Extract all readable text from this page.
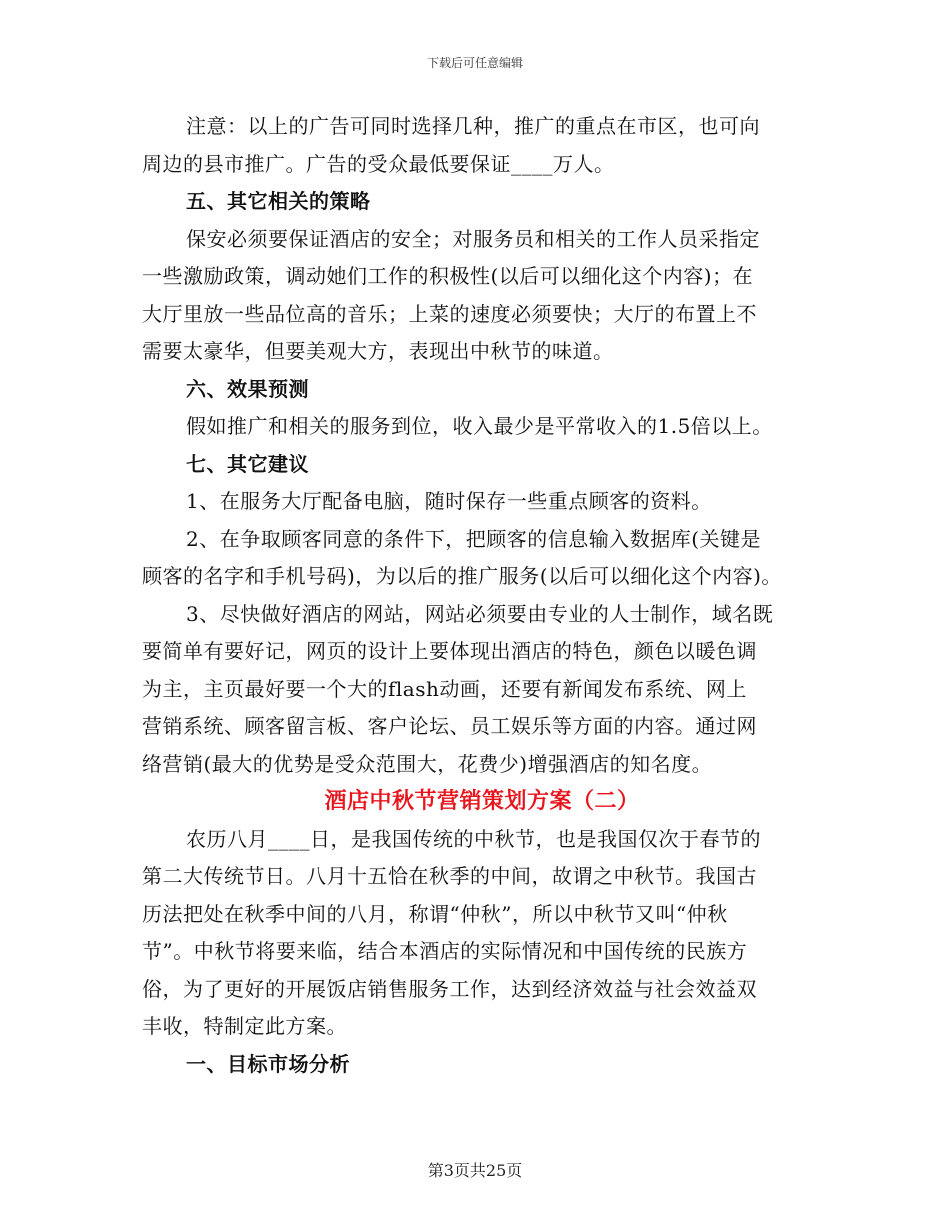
下载后可任意编辑
注意：以上的广告可同时选择几种，推广的重点在市区，也可向
周边的县市推广。广告的受众最低要保证____万人。
五、其它相关的策略
保安必须要保证酒店的安全；对服务员和相关的工作人员采指定
一些激励政策，调动她们工作的积极性(以后可以细化这个内容)；在
大厅里放一些品位高的音乐；上菜的速度必须要快；大厅的布置上不
需要太豪华，但要美观大方，表现出中秋节的味道。
六、效果预测
假如推广和相关的服务到位，收入最少是平常收入的1.5倍以上。
七、其它建议
1、在服务大厅配备电脑，随时保存一些重点顾客的资料。
2、在争取顾客同意的条件下，把顾客的信息输入数据库(关键是
顾客的名字和手机号码)，为以后的推广服务(以后可以细化这个内容)。
3、尽快做好酒店的网站，网站必须要由专业的人士制作，域名既
要简单有要好记，网页的设计上要体现出酒店的特色，颜色以暖色调
为主，主页最好要一个大的flash动画，还要有新闻发布系统、网上
营销系统、顾客留言板、客户论坛、员工娱乐等方面的内容。通过网
络营销(最大的优势是受众范围大，花费少)增强酒店的知名度。
酒店中秋节营销策划方案（二）
农历八月____日，是我国传统的中秋节，也是我国仅次于春节的
第二大传统节日。八月十五恰在秋季的中间，故谓之中秋节。我国古
历法把处在秋季中间的八月，称谓“仲秋”，所以中秋节又叫“仲秋
节”。中秋节将要来临，结合本酒店的实际情况和中国传统的民族方
俗，为了更好的开展饭店销售服务工作，达到经济效益与社会效益双
丰收，特制定此方案。
一、目标市场分析
第3页共25页
